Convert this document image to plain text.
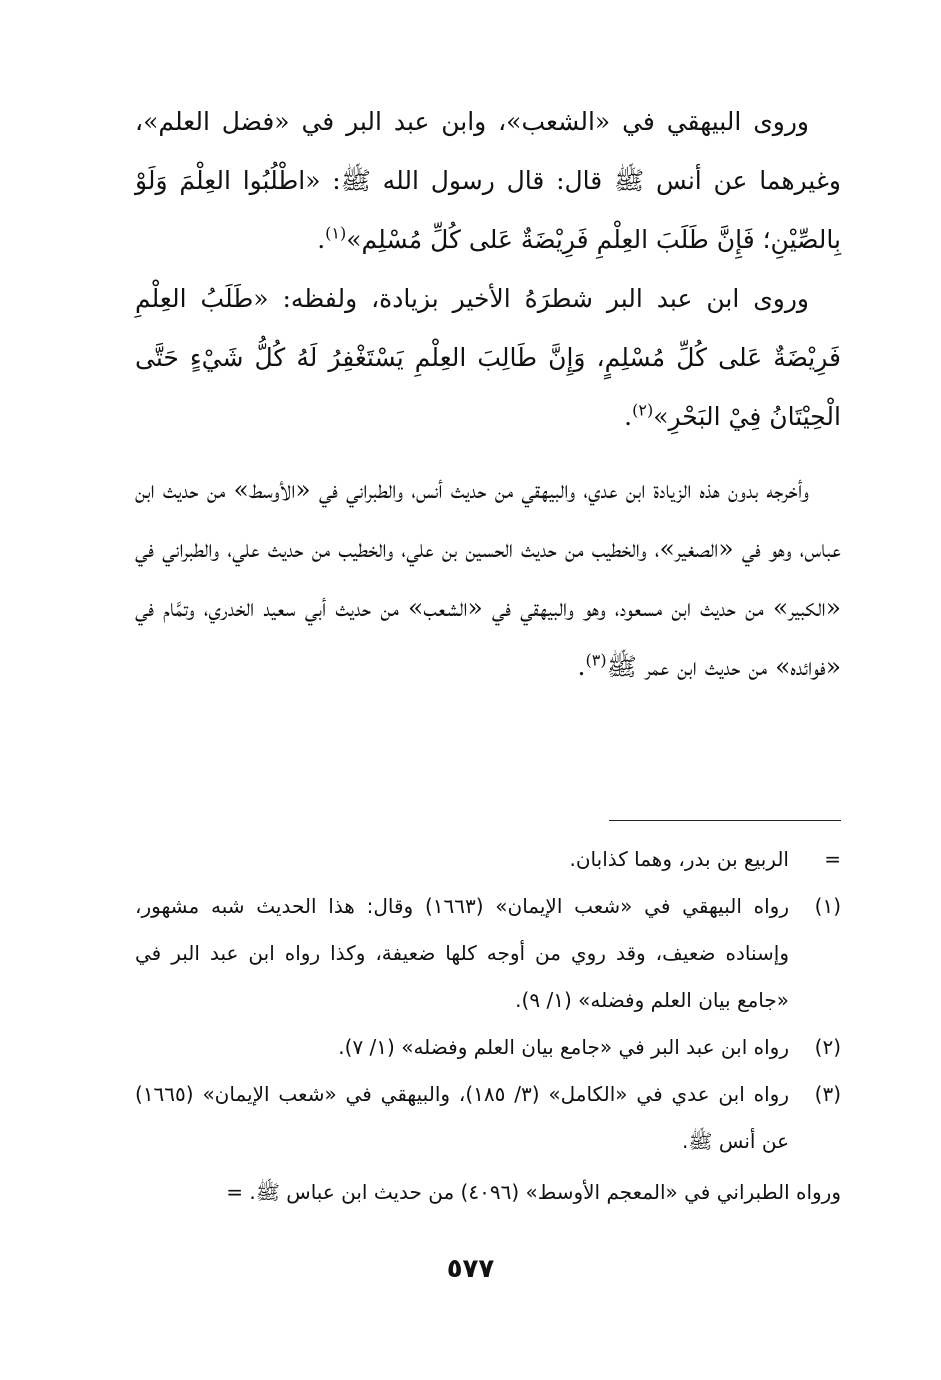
وروى البيهقي في «الشعب»، وابن عبد البر في «فضل العلم»، وغيرهما عن أنس ﷺ قال: قال رسول الله ﷺ: «اطْلُبُوا العِلْمَ وَلَوْ بِالصِّيْنِ؛ فَإِنَّ طَلَبَ العِلْمِ فَرِيْضَةٌ عَلى كُلِّ مُسْلِم»$^{(١)}$.

وروى ابن عبد البر شطرَهُ الأخير بزيادة، ولفظه: «طَلَبُ العِلْمِ فَرِيْضَةٌ عَلى كُلِّ مُسْلِمٍ، وَإِنَّ طَالِبَ العِلْمِ يَسْتَغْفِرُ لَهُ كُلُّ شَيْءٍ حَتَّى الْحِيْتَانُ فِيْ البَحْرِ»$^{(٢)}$.

وأخرجه بدون هذه الزيادة ابن عدي، والبيهقي من حديث أنس، والطبراني في «الأوسط» من حديث ابن عباس، وهو في «الصغير»، والخطيب من حديث الحسين بن علي، والخطيب من حديث علي، والطبراني في «الكبير» من حديث ابن مسعود، وهو والبيهقي في «الشعب» من حديث أبي سعيد الخدري، وتمَّام في «فوائده» من حديث ابن عمر ﷺ$^{(٣)}$.

=
الربيع بن بدر، وهما كذابان.
(١)
رواه البيهقي في «شعب الإيمان» (١٦٦٣) وقال: هذا الحديث شبه مشهور، وإسناده ضعيف، وقد روي من أوجه كلها ضعيفة، وكذا رواه ابن عبد البر في «جامع بيان العلم وفضله» (١/ ٩).
(٢)
رواه ابن عبد البر في «جامع بيان العلم وفضله» (١/ ٧).
(٣)
رواه ابن عدي في «الكامل» (٣/ ١٨٥)، والبيهقي في «شعب الإيمان» (١٦٦٥) عن أنس ﷺ.
ورواه الطبراني في «المعجم الأوسط» (٤٠٩٦) من حديث ابن عباس ﷺ. =
٥٧٧
